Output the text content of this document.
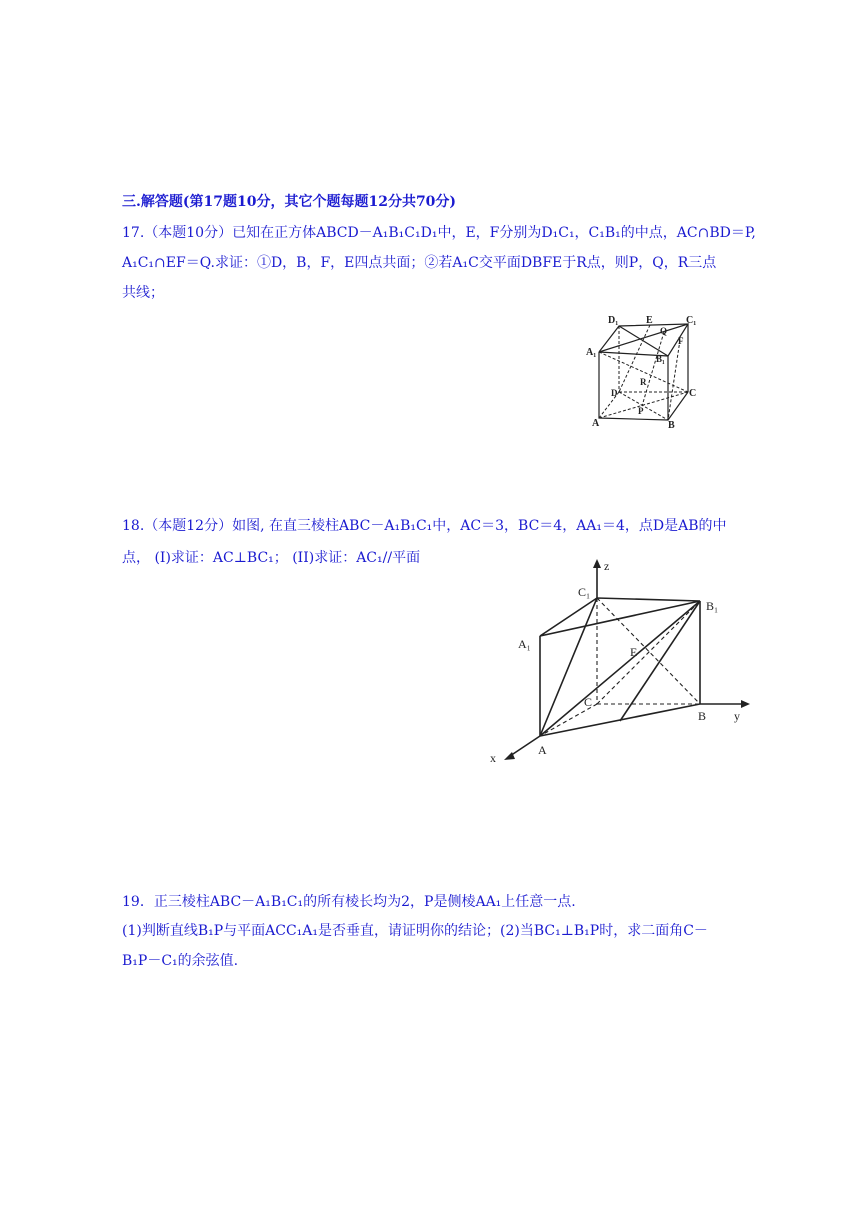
三.解答题(第17题10分，其它个题每题12分共70分)
17.（本题10分）已知在正方体ABCD－A₁B₁C₁D₁中，E，F分别为D₁C₁，C₁B₁的中点，AC∩BD＝P,
A₁C₁∩EF＝Q.求证：①D，B，F，E四点共面；②若A₁C交平面DBFE于R点，则P，Q，R三点
共线；
D₁	E
Q
C₁
A₁
B₁
F
R
D	C
P
A	B
18.（本题12分）如图, 在直三棱柱ABC－A₁B₁C₁中，AC＝3，BC＝4，AA₁＝4，点D是AB的中
点， (I)求证：AC⊥BC₁； (II)求证：AC₁//平面	z
C₁
B₁
A₁
E
C
B y
A
x
19．正三棱柱ABC－A₁B₁C₁的所有棱长均为2，P是侧棱AA₁上任意一点.
(1)判断直线B₁P与平面ACC₁A₁是否垂直，请证明你的结论；(2)当BC₁⊥B₁P时，求二面角C－
B₁P－C₁的余弦值.
